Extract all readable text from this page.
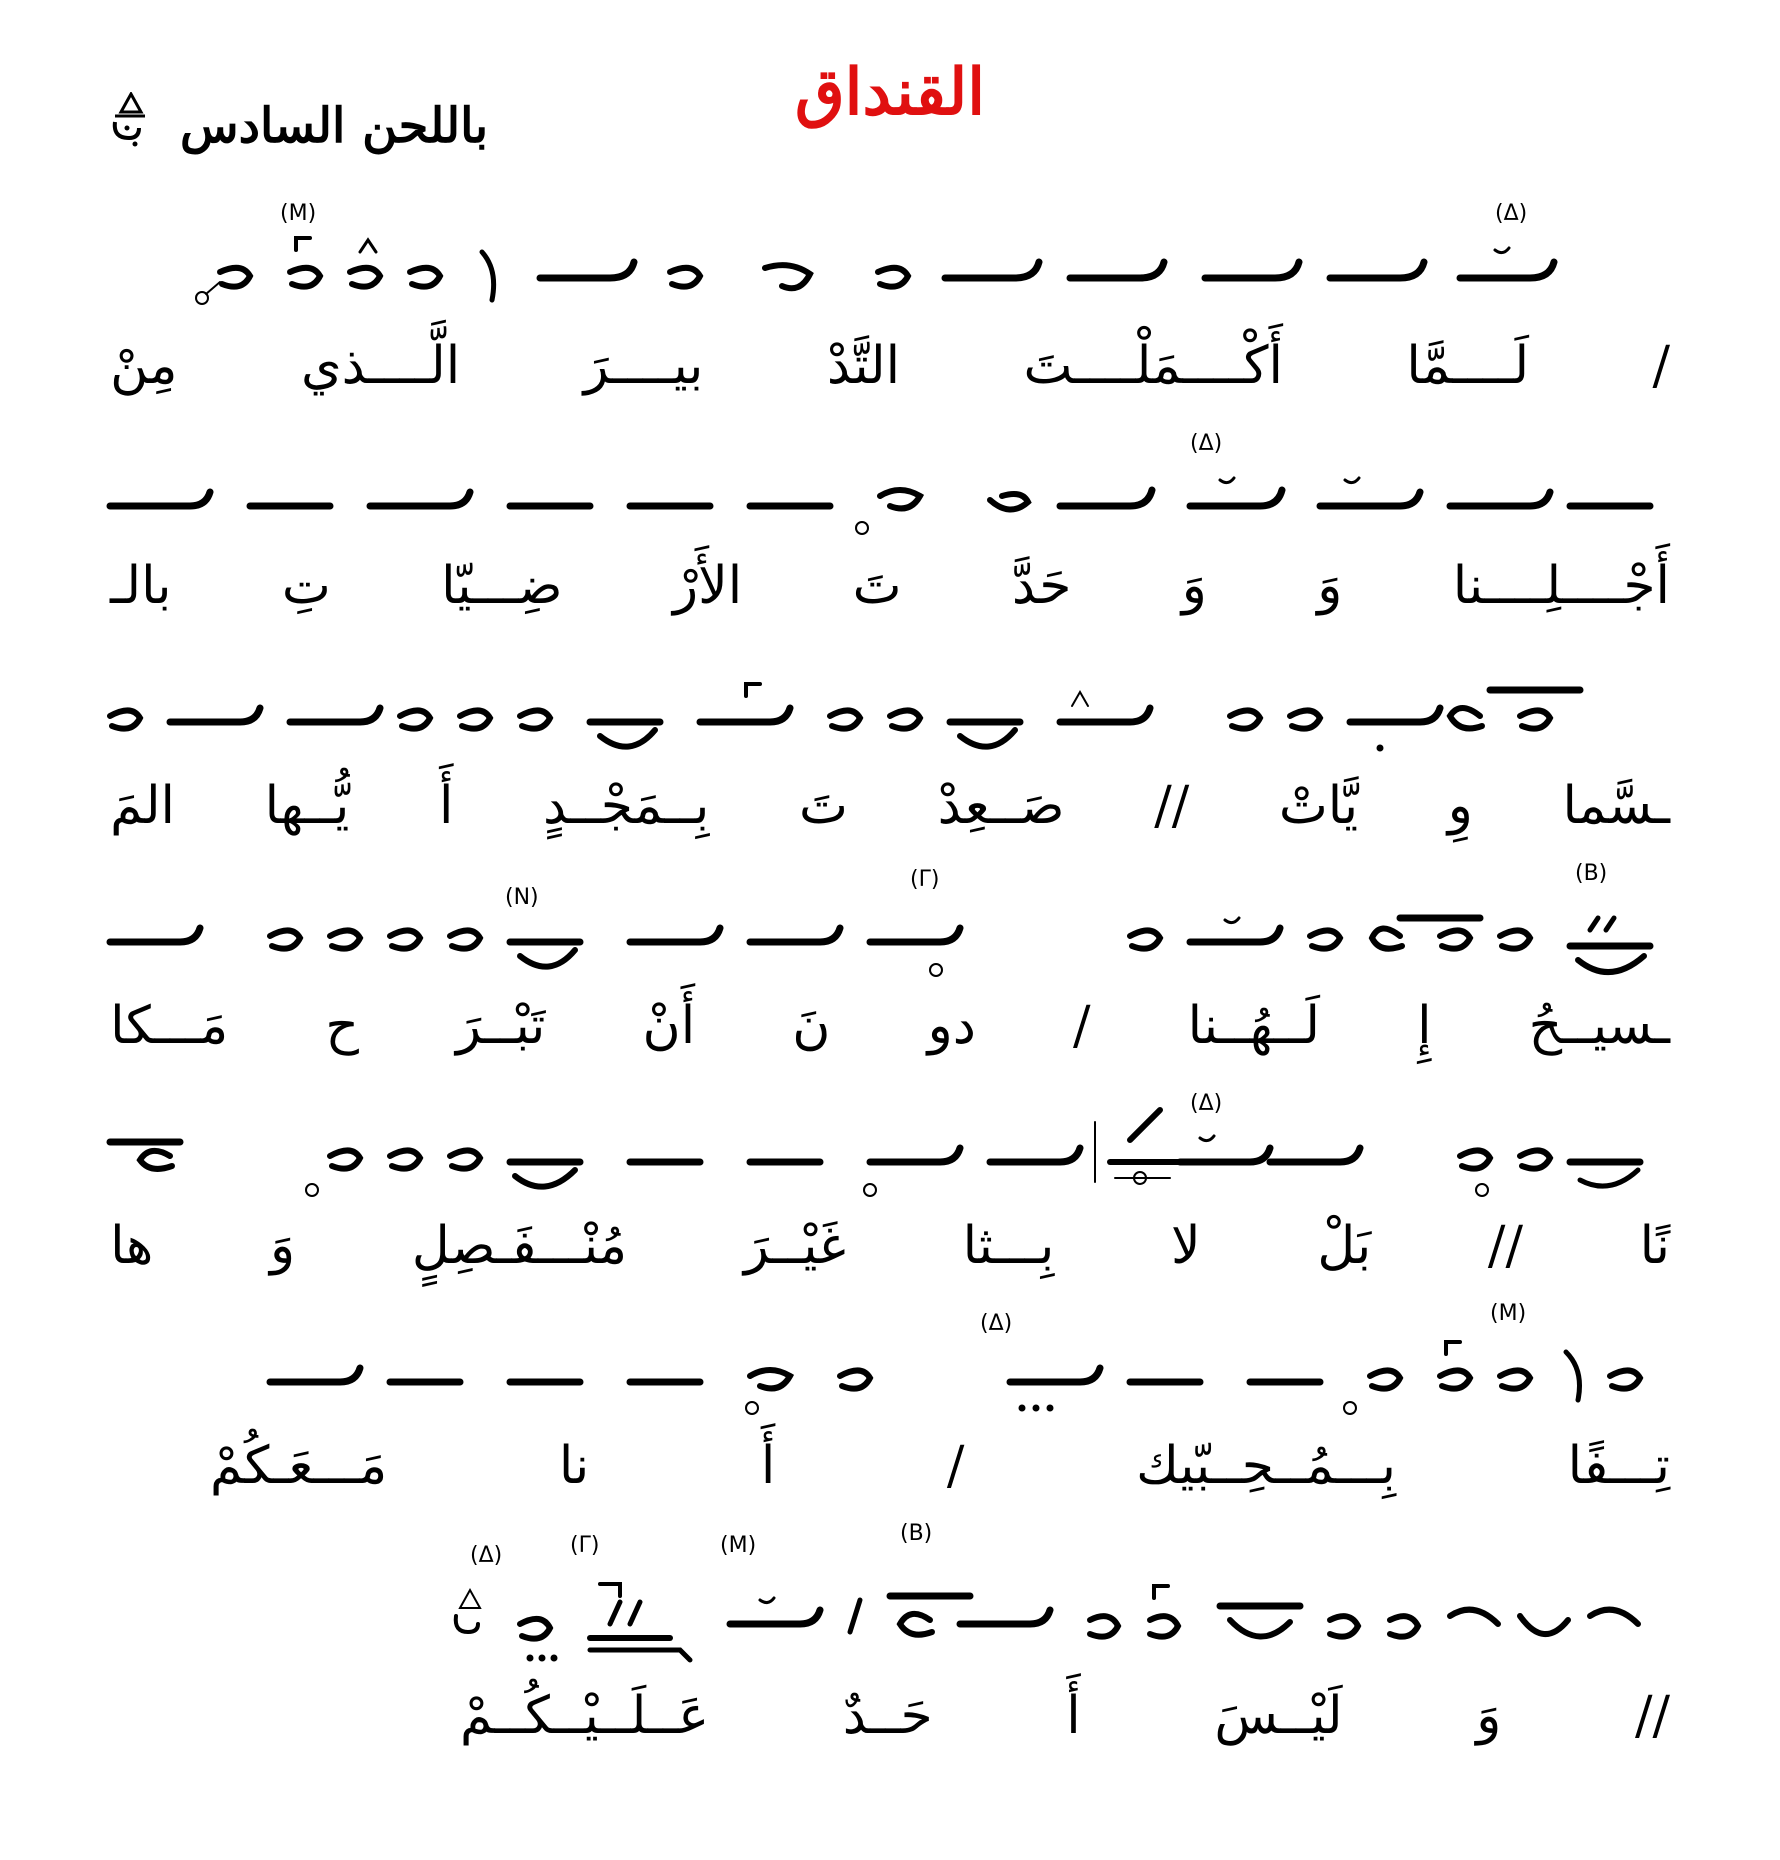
القنداق
باللحن السادس
(Δ)
(M)
/
لَــــمَّا
أَكْــــمَلْــــتَ
التَّدْ
بيــــرَ
الَّــــذي
مِنْ
(Δ)
أَجْــــلِــــنا
وَ
وَ
حَدَّ
تَ
الأَرْ
ضِـــيّا
تِ
بالـ
ـسَّما
وِ
يَّاتْ
//
صَــعِدْ
تَ
بِــمَجْــدٍ
أَ
يُّــها
المَ
(B)
(Γ)
(N)
ـسيــحُ
إِ
لَــهُــنا
/
دو
نَ
أَنْ
تَبْــرَ
ح
مَـــكا
(Δ)
نًا
//
بَلْ
لا
بِـــثا
غَيْــرَ
مُنْـــفَـصِلٍ
وَ
ها
(M)
(Δ)
تِـــفًا
بِـــمُــحِــبّيك
/
أَ
نا
مَـــعَـكُمْ
(B)
(M)
(Γ)
(Δ)
//
وَ
لَيْــسَ
أَ
حَــدٌ
عَــلَــيْــكُــمْ
